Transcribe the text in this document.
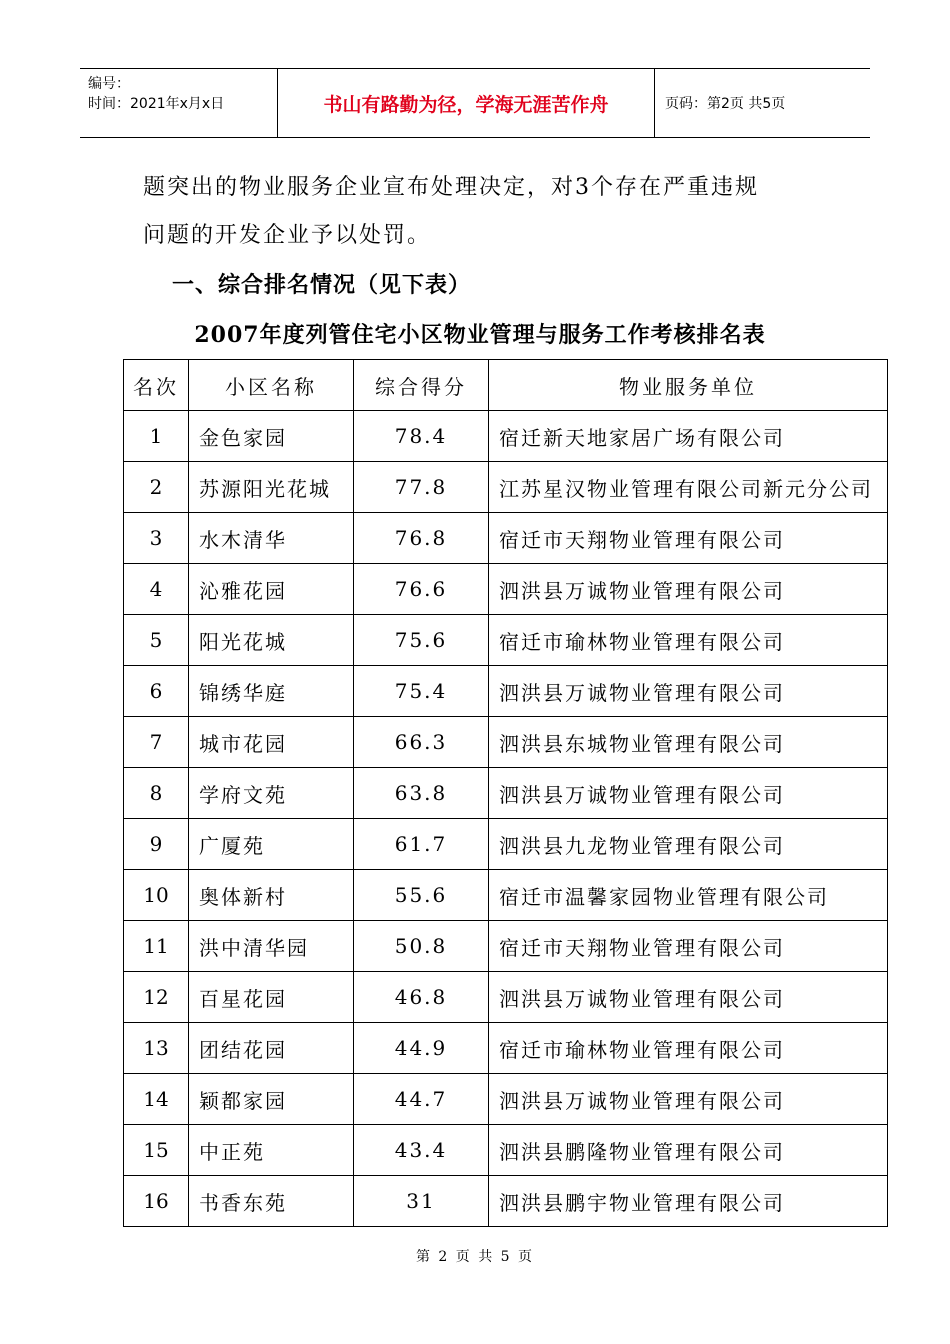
编号：
时间：2021年x月x日	书山有路勤为径，学海无涯苦作舟	页码：第2页 共5页
题突出的物业服务企业宣布处理决定，对3个存在严重违规
问题的开发企业予以处罚。
一、综合排名情况（见下表）
2007年度列管住宅小区物业管理与服务工作考核排名表
名次	小区名称	综合得分	物业服务单位
1	金色家园	78.4	宿迁新天地家居广场有限公司
2	苏源阳光花城	77.8	江苏星汉物业管理有限公司新元分公司
3	水木清华	76.8	宿迁市天翔物业管理有限公司
4	沁雅花园	76.6	泗洪县万诚物业管理有限公司
5	阳光花城	75.6	宿迁市瑜林物业管理有限公司
6	锦绣华庭	75.4	泗洪县万诚物业管理有限公司
7	城市花园	66.3	泗洪县东城物业管理有限公司
8	学府文苑	63.8	泗洪县万诚物业管理有限公司
9	广厦苑	61.7	泗洪县九龙物业管理有限公司
10	奥体新村	55.6	宿迁市温馨家园物业管理有限公司
11	洪中清华园	50.8	宿迁市天翔物业管理有限公司
12	百星花园	46.8	泗洪县万诚物业管理有限公司
13	团结花园	44.9	宿迁市瑜林物业管理有限公司
14	颖都家园	44.7	泗洪县万诚物业管理有限公司
15	中正苑	43.4	泗洪县鹏隆物业管理有限公司
16	书香东苑	31	泗洪县鹏宇物业管理有限公司
第 2 页 共 5 页
